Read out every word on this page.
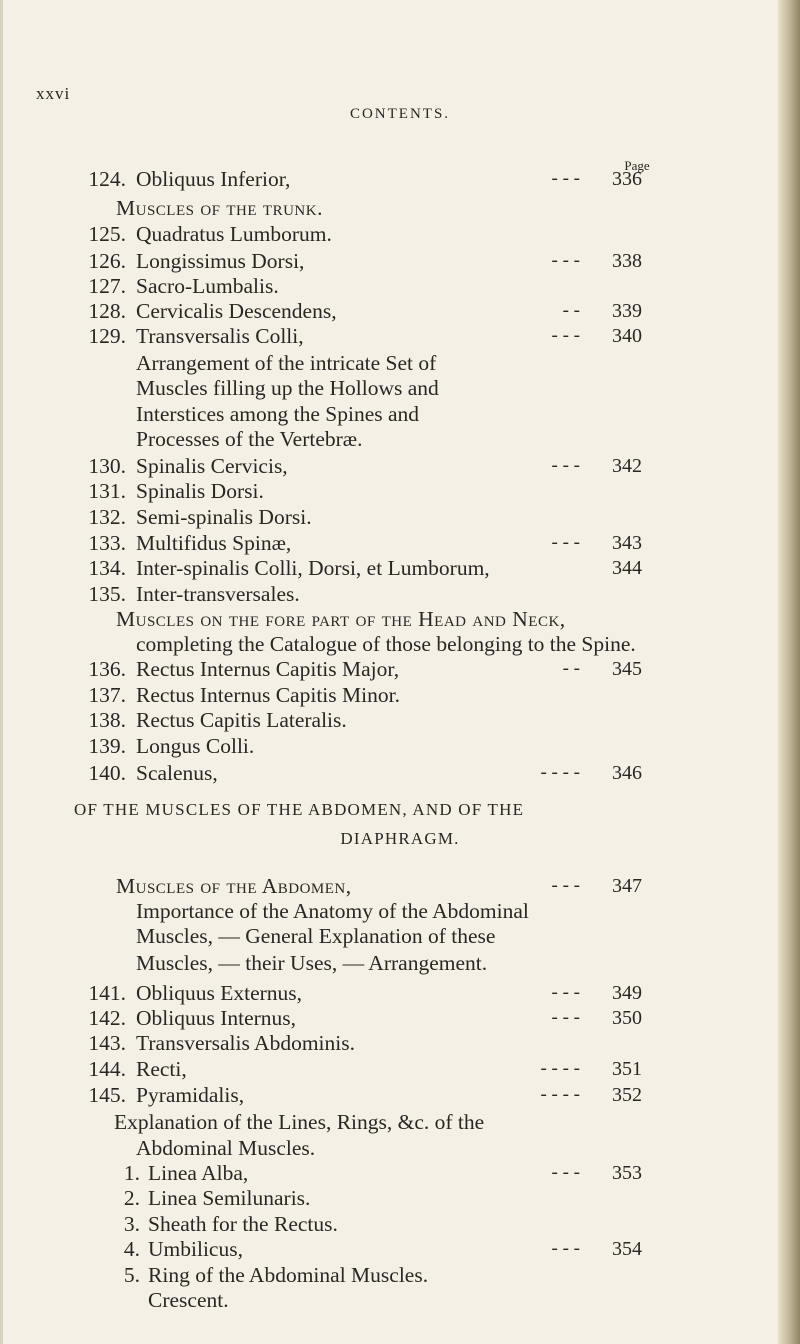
xxvi
CONTENTS.
Page
124. Obliquus Inferior,	- - - 336
Muscles of the trunk.
125. Quadratus Lumborum.
126. Longissimus Dorsi,	- - - 338
127. Sacro-Lumbalis.
128. Cervicalis Descendens,	- - 339
129. Transversalis Colli,	- - - 340
Arrangement of the intricate Set of
Muscles filling up the Hollows and
Interstices among the Spines and
Processes of the Vertebræ.
130. Spinalis Cervicis,	- - - 342
131. Spinalis Dorsi.
132. Semi-spinalis Dorsi.
133. Multifidus Spinæ,	- - - 343
134. Inter-spinalis Colli, Dorsi, et Lumborum,	344
135. Inter-transversales.
Muscles on the fore part of the Head and Neck,
completing the Catalogue of those belonging to the Spine.
136. Rectus Internus Capitis Major,	- - 345
137. Rectus Internus Capitis Minor.
138. Rectus Capitis Lateralis.
139. Longus Colli.
140. Scalenus,	- - - - 346
OF THE MUSCLES OF THE ABDOMEN, AND OF THE
DIAPHRAGM.
Muscles of the Abdomen,	- - - 347
Importance of the Anatomy of the Abdominal
Muscles, — General Explanation of these
Muscles, — their Uses, — Arrangement.
141. Obliquus Externus,	- - - 349
142. Obliquus Internus,	- - - 350
143. Transversalis Abdominis.
144. Recti,	- - - - 351
145. Pyramidalis,	- - - - 352
Explanation of the Lines, Rings, &c. of the
Abdominal Muscles.
1. Linea Alba,	- - - 353
2. Linea Semilunaris.
3. Sheath for the Rectus.
4. Umbilicus,	- - - 354
5. Ring of the Abdominal Muscles.
Crescent.
